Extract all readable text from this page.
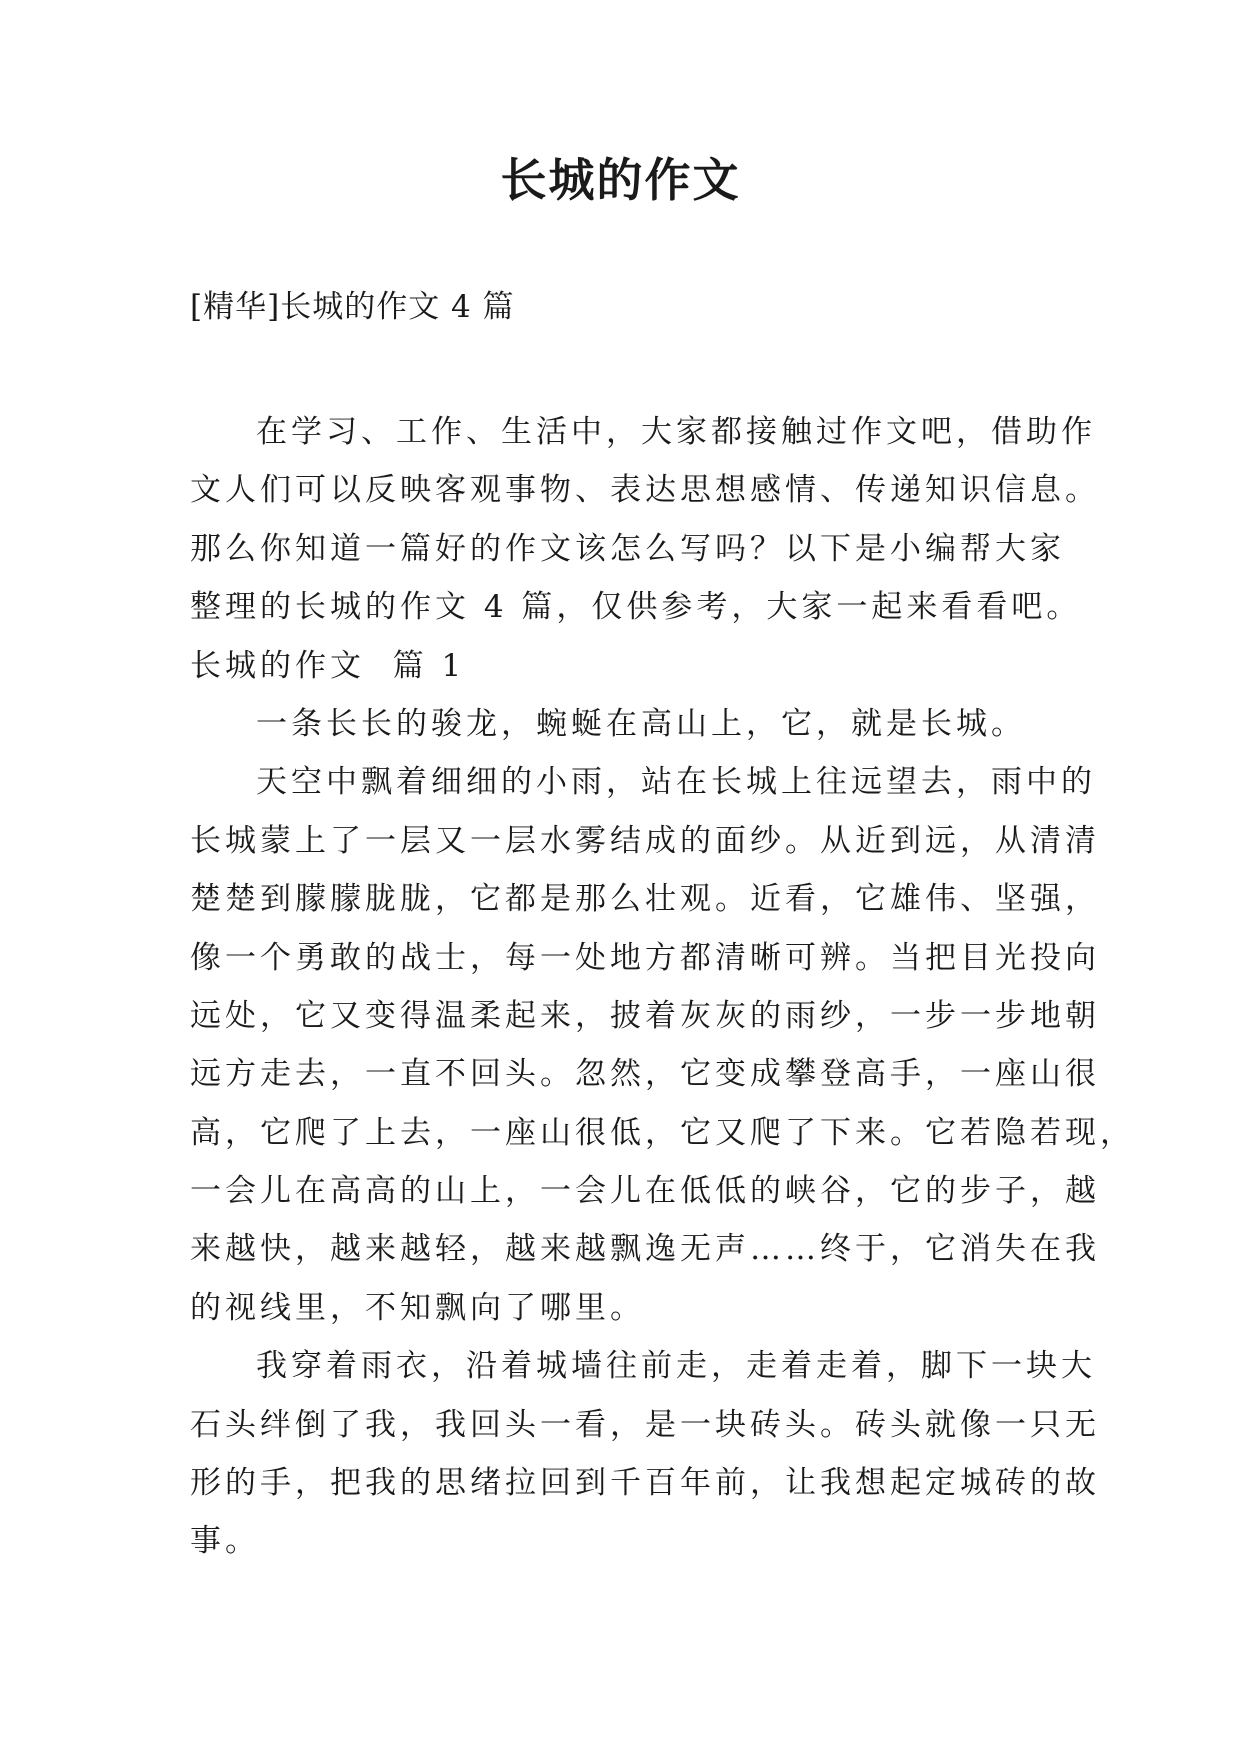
长城的作文

[精华]长城的作文 4 篇

在学习、工作、生活中，大家都接触过作文吧，借助作
文人们可以反映客观事物、表达思想感情、传递知识信息。
那么你知道一篇好的作文该怎么写吗？以下是小编帮大家
整理的长城的作文 4 篇，仅供参考，大家一起来看看吧。
长城的作文  篇 1
一条长长的骏龙，蜿蜒在高山上，它，就是长城。
天空中飘着细细的小雨，站在长城上往远望去，雨中的
长城蒙上了一层又一层水雾结成的面纱。从近到远，从清清
楚楚到朦朦胧胧，它都是那么壮观。近看，它雄伟、坚强，
像一个勇敢的战士，每一处地方都清晰可辨。当把目光投向
远处，它又变得温柔起来，披着灰灰的雨纱，一步一步地朝
远方走去，一直不回头。忽然，它变成攀登高手，一座山很
高，它爬了上去，一座山很低，它又爬了下来。它若隐若现，
一会儿在高高的山上，一会儿在低低的峡谷，它的步子，越
来越快，越来越轻，越来越飘逸无声……终于，它消失在我
的视线里，不知飘向了哪里。
我穿着雨衣，沿着城墙往前走，走着走着，脚下一块大
石头绊倒了我，我回头一看，是一块砖头。砖头就像一只无
形的手，把我的思绪拉回到千百年前，让我想起定城砖的故
事。
